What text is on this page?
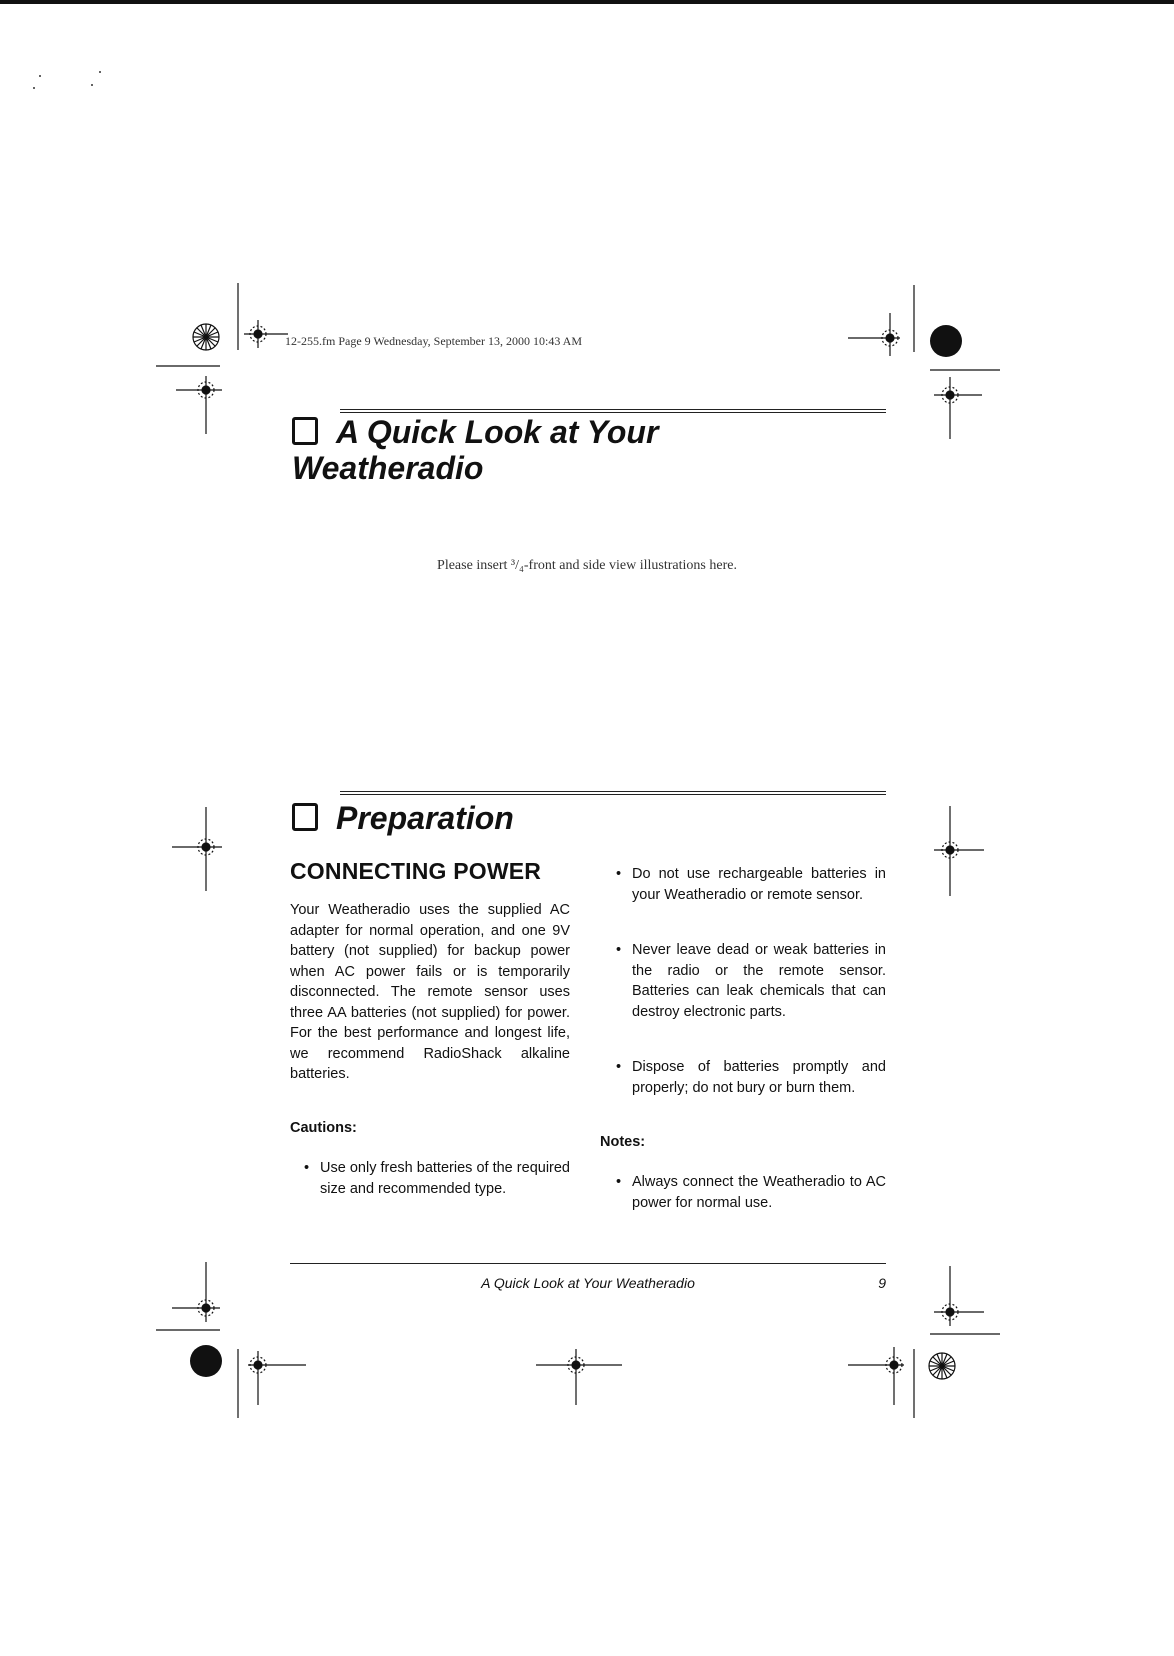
12-255.fm Page 9 Wednesday, September 13, 2000 10:43 AM
A Quick Look at Your
Weatheradio
Please insert ³/₄-front and side view illustrations here.
Preparation
CONNECTING POWER
Your Weatheradio uses the supplied AC adapter for normal operation, and one 9V battery (not supplied) for backup power when AC power fails or is temporarily disconnected. The remote sensor uses three AA batteries (not supplied) for power. For the best performance and longest life, we recommend RadioShack alkaline batteries.
Cautions:
• Use only fresh batteries of the required size and recommended type.
• Do not use rechargeable batteries in your Weatheradio or remote sensor.
• Never leave dead or weak batteries in the radio or the remote sensor. Batteries can leak chemicals that can destroy electronic parts.
• Dispose of batteries promptly and properly; do not bury or burn them.
Notes:
• Always connect the Weatheradio to AC power for normal use.
A Quick Look at Your Weatheradio	9
